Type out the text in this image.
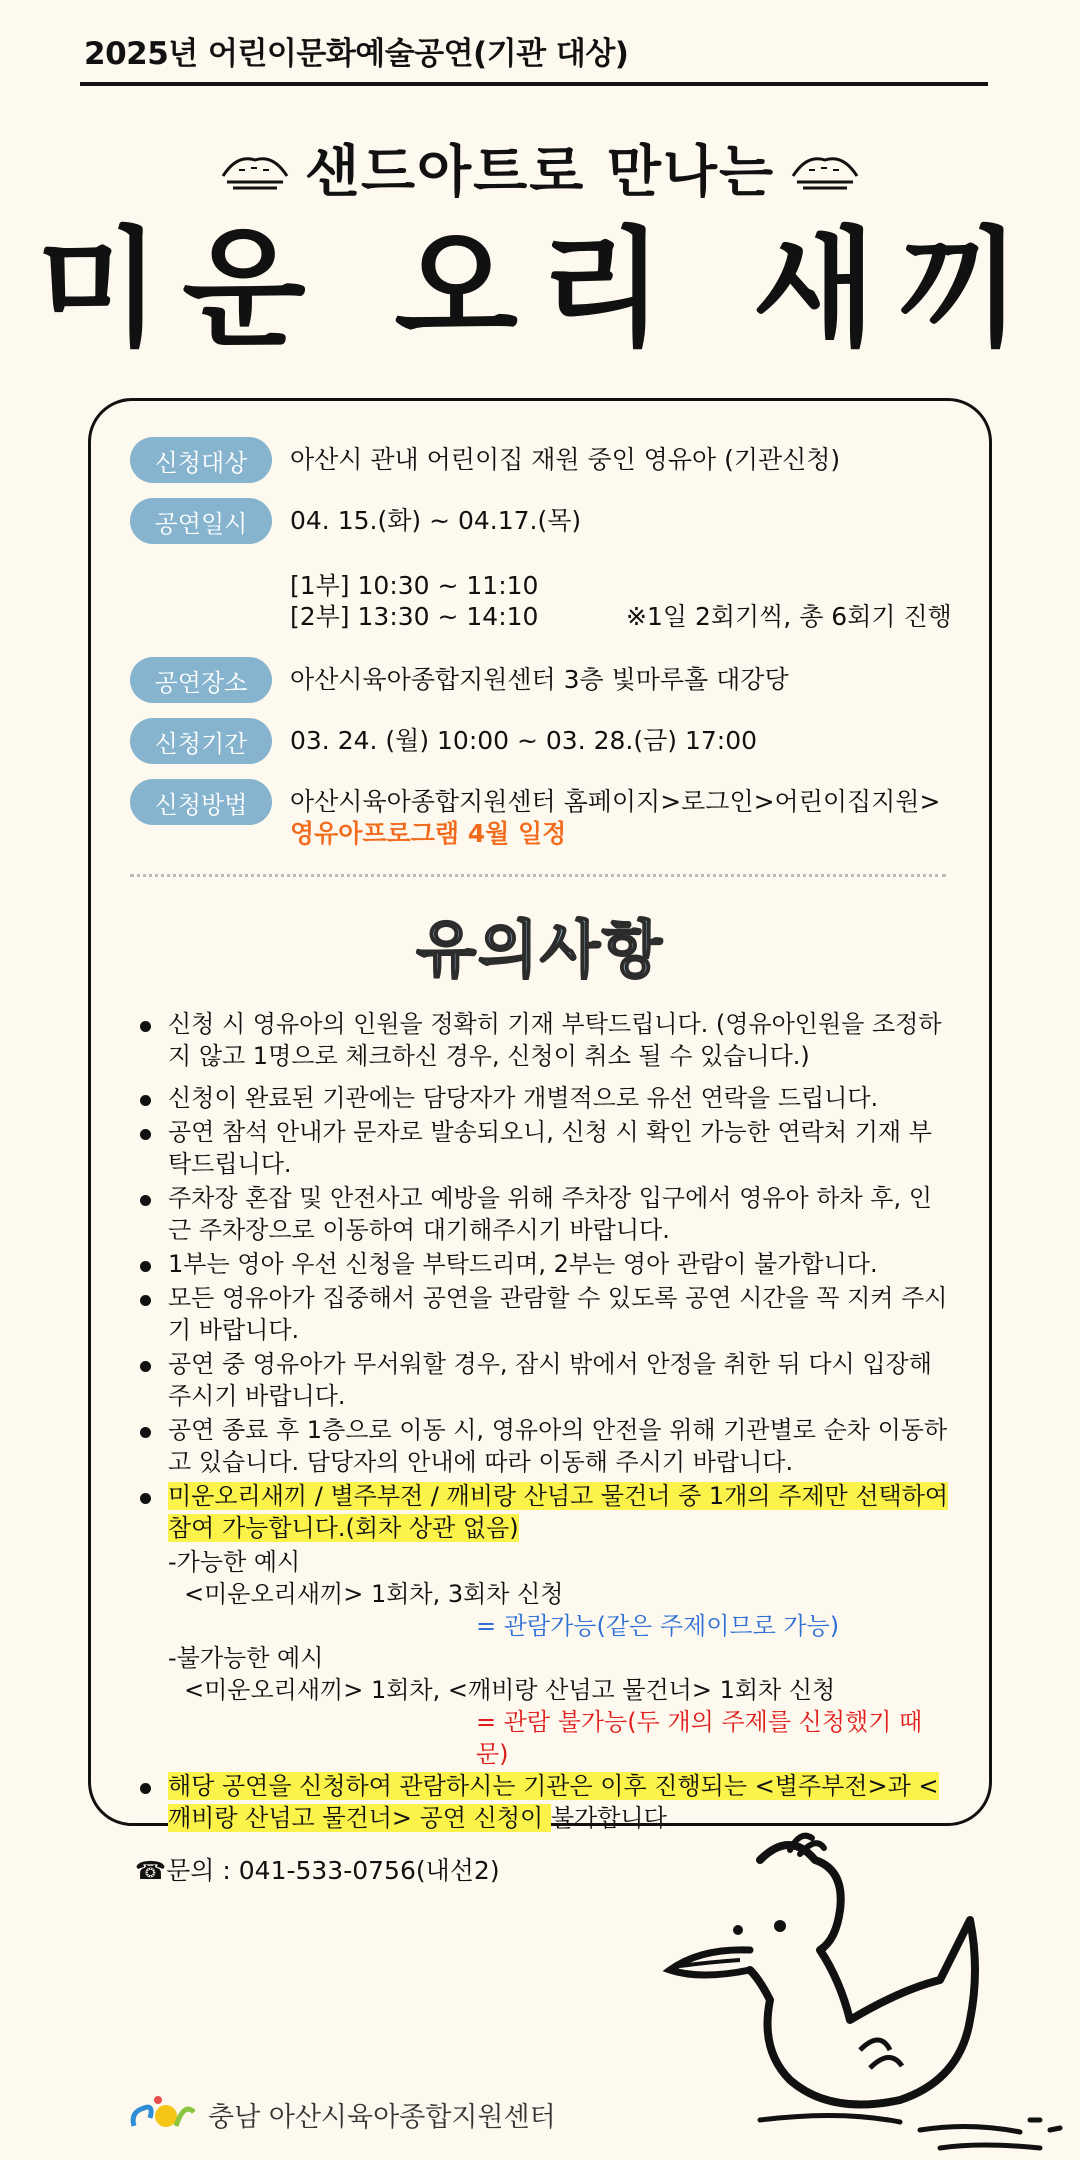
2025년 어린이문화예술공연(기관 대상)
샌드아트로 만나는
미운 오리 새끼
신청대상	아산시 관내 어린이집 재원 중인 영유아 (기관신청)
공연일시	04. 15.(화) ~ 04.17.(목)
[1부] 10:30 ~ 11:10
[2부] 13:30 ~ 14:10	※1일 2회기씩, 총 6회기 진행
공연장소	아산시육아종합지원센터 3층 빛마루홀 대강당
신청기간	03. 24. (월) 10:00 ~ 03. 28.(금) 17:00
신청방법	아산시육아종합지원센터 홈페이지>로그인>어린이집지원>
영유아프로그램 4월 일정
유의사항
신청 시 영유아의 인원을 정확히 기재 부탁드립니다. (영유아인원을 조정하지 않고 1명으로 체크하신 경우, 신청이 취소 될 수 있습니다.)
신청이 완료된 기관에는 담당자가 개별적으로 유선 연락을 드립니다.
공연 참석 안내가 문자로 발송되오니, 신청 시 확인 가능한 연락처 기재 부탁드립니다.
주차장 혼잡 및 안전사고 예방을 위해 주차장 입구에서 영유아 하차 후, 인근 주차장으로 이동하여 대기해주시기 바랍니다.
1부는 영아 우선 신청을 부탁드리며, 2부는 영아 관람이 불가합니다.
모든 영유아가 집중해서 공연을 관람할 수 있도록 공연 시간을 꼭 지켜 주시기 바랍니다.
공연 중 영유아가 무서워할 경우, 잠시 밖에서 안정을 취한 뒤 다시 입장해주시기 바랍니다.
공연 종료 후 1층으로 이동 시, 영유아의 안전을 위해 기관별로 순차 이동하고 있습니다. 담당자의 안내에 따라 이동해 주시기 바랍니다.
미운오리새끼 / 별주부전 / 깨비랑 산넘고 물건너 중 1개의 주제만 선택하여 참여 가능합니다.(회차 상관 없음)
-가능한 예시
<미운오리새끼> 1회차, 3회차 신청
= 관람가능(같은 주제이므로 가능)
-불가능한 예시
<미운오리새끼> 1회차, <깨비랑 산넘고 물건너> 1회차 신청
= 관람 불가능(두 개의 주제를 신청했기 때문)
해당 공연을 신청하여 관람하시는 기관은 이후 진행되는 <별주부전>과 <깨비랑 산넘고 물건너> 공연 신청이 불가합니다.
☎문의 : 041-533-0756(내선2)
충남 아산시육아종합지원센터
